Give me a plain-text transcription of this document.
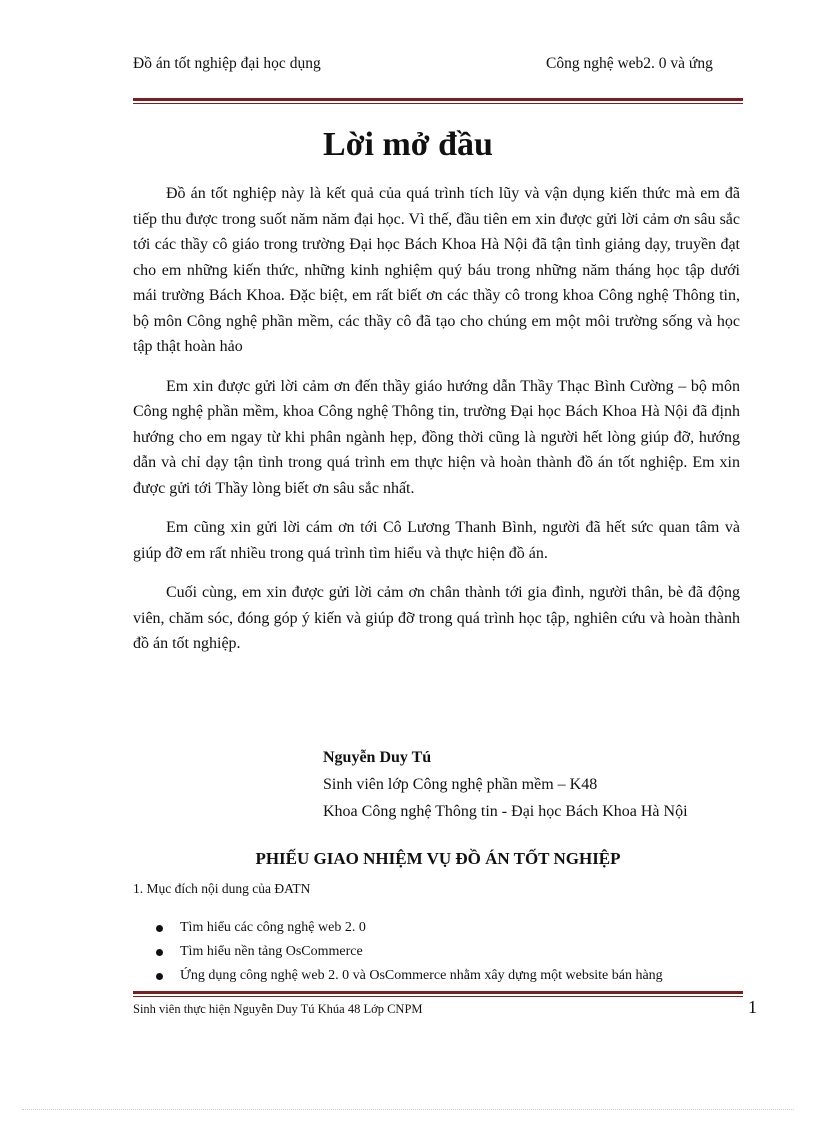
Đồ án tốt nghiệp đại học dụng	Công nghệ web2. 0 và ứng
Lời mở đầu

Đồ án tốt nghiệp này là kết quả của quá trình tích lũy và vận dụng kiến thức mà em đã tiếp thu được trong suốt năm năm đại học. Vì thế, đầu tiên em xin được gửi lời cảm ơn sâu sắc tới các thầy cô giáo trong trường Đại học Bách Khoa Hà Nội đã tận tình giảng dạy, truyền đạt cho em những kiến thức, những kinh nghiệm quý báu trong những năm tháng học tập dưới mái trường Bách Khoa. Đặc biệt, em rất biết ơn các thầy cô trong khoa Công nghệ Thông tin, bộ môn Công nghệ phần mềm, các thầy cô đã tạo cho chúng em một môi trường sống và học tập thật hoàn hảo

Em xin được gửi lời cảm ơn đến thầy giáo hướng dẫn Thầy Thạc Bình Cường – bộ môn Công nghệ phần mềm, khoa Công nghệ Thông tin, trường Đại học Bách Khoa Hà Nội đã định hướng cho em ngay từ khi phân ngành hẹp, đồng thời cũng là người hết lòng giúp đỡ, hướng dẫn và chỉ dạy tận tình trong quá trình em thực hiện và hoàn thành đồ án tốt nghiệp. Em xin được gửi tới Thầy lòng biết ơn sâu sắc nhất.

Em cũng xin gửi lời cám ơn tới Cô Lương Thanh Bình, người đã hết sức quan tâm và giúp đỡ em rất nhiều trong quá trình tìm hiểu và thực hiện đồ án.

Cuối cùng, em xin được gửi lời cảm ơn chân thành tới gia đình, người thân, bè đã động viên, chăm sóc, đóng góp ý kiến và giúp đỡ trong quá trình học tập, nghiên cứu và hoàn thành đồ án tốt nghiệp.

Nguyễn Duy Tú
Sinh viên lớp Công nghệ phần mềm – K48
Khoa Công nghệ Thông tin - Đại học Bách Khoa Hà Nội
PHIẾU GIAO NHIỆM VỤ ĐỒ ÁN TỐT NGHIỆP
1. Mục đích nội dung của ĐATN
Tìm hiểu các công nghệ web 2. 0
Tìm hiểu nền tảng OsCommerce
Ứng dụng công nghệ web 2. 0 và OsCommerce nhằm xây dựng một website bán hàng
Sinh viên thực hiện Nguyễn Duy Tú Khúa 48 Lớp CNPM	1
